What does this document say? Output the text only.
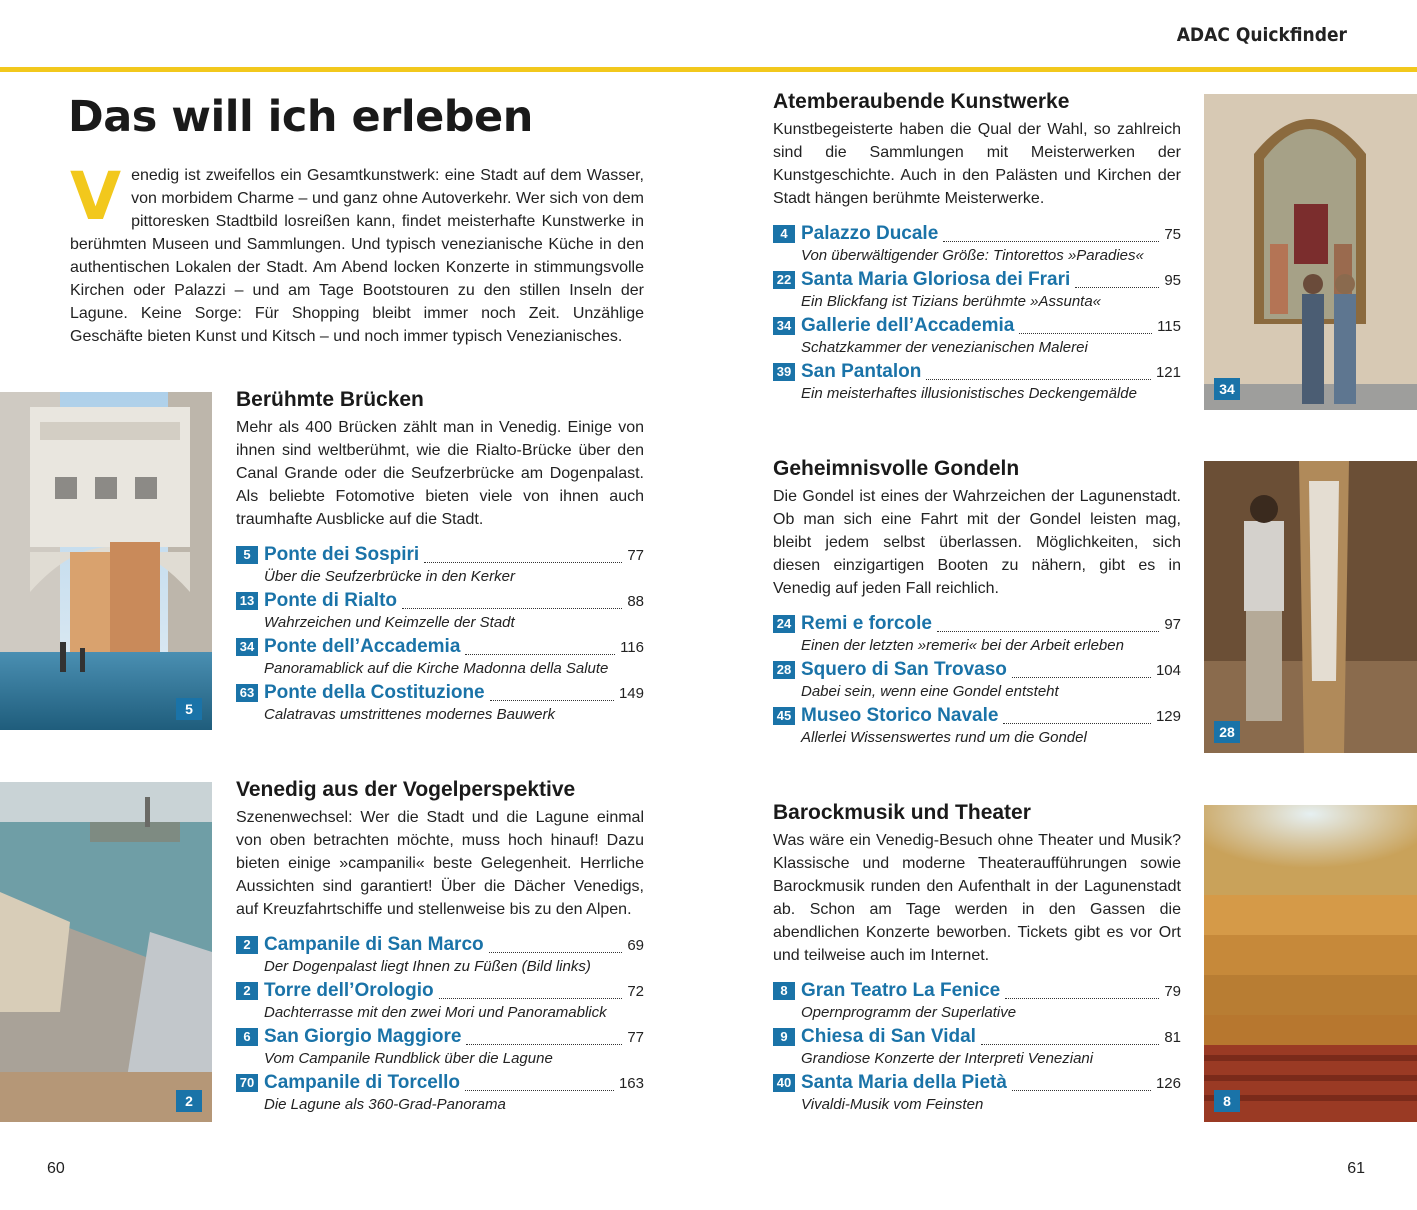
ADAC Quickfinder
Das will ich erleben

Venedig ist zweifellos ein Gesamtkunstwerk: eine Stadt auf dem Wasser, von morbidem Charme – und ganz ohne Autoverkehr. Wer sich von dem pittoresken Stadtbild losreißen kann, findet meisterhafte Kunstwerke in berühmten Museen und Sammlungen. Und typisch venezianische Küche in den authentischen Lokalen der Stadt. Am Abend locken Konzerte in stimmungsvolle Kirchen oder Palazzi – und am Tage Bootstouren zu den stillen Inseln der Lagune. Keine Sorge: Für Shopping bleibt immer noch Zeit. Unzählige Geschäfte bieten Kunst und Kitsch – und noch immer typisch Venezianisches.

5
2
34
28
8
Berühmte Brücken

Mehr als 400 Brücken zählt man in Venedig. Einige von ihnen sind weltberühmt, wie die Rialto-Brücke über den Canal Grande oder die Seufzerbrücke am Dogenpalast. Als beliebte Fotomotive bieten viele von ihnen auch traumhafte Ausblicke auf die Stadt.

5 Ponte dei Sospiri	77
Über die Seufzerbrücke in den Kerker
13 Ponte di Rialto	88
Wahrzeichen und Keimzelle der Stadt
34 Ponte dell’Accademia	116
Panoramablick auf die Kirche Madonna della Salute
63 Ponte della Costituzione	149
Calatravas umstrittenes modernes Bauwerk
Venedig aus der Vogelperspektive

Szenenwechsel: Wer die Stadt und die Lagune einmal von oben betrachten möchte, muss hoch hinauf! Dazu bieten einige »campanili« beste Gelegenheit. Herrliche Aussichten sind garantiert! Über die Dächer Venedigs, auf Kreuzfahrtschiffe und stellenweise bis zu den Alpen.

2 Campanile di San Marco	69
Der Dogenpalast liegt Ihnen zu Füßen (Bild links)
2 Torre dell’Orologio	72
Dachterrasse mit den zwei Mori und Panoramablick
6 San Giorgio Maggiore	77
Vom Campanile Rundblick über die Lagune
70 Campanile di Torcello	163
Die Lagune als 360-Grad-Panorama
Atemberaubende Kunstwerke

Kunstbegeisterte haben die Qual der Wahl, so zahlreich sind die Sammlungen mit Meisterwerken der Kunstgeschichte. Auch in den Palästen und Kirchen der Stadt hängen berühmte Meisterwerke.

4 Palazzo Ducale	75
Von überwältigender Größe: Tintorettos »Paradies«
22 Santa Maria Gloriosa dei Frari	95
Ein Blickfang ist Tizians berühmte »Assunta«
34 Gallerie dell’Accademia	115
Schatzkammer der venezianischen Malerei
39 San Pantalon	121
Ein meisterhaftes illusionistisches Deckengemälde
Geheimnisvolle Gondeln

Die Gondel ist eines der Wahrzeichen der Lagunenstadt. Ob man sich eine Fahrt mit der Gondel leisten mag, bleibt jedem selbst überlassen. Möglichkeiten, sich diesen einzigartigen Booten zu nähern, gibt es in Venedig auf jeden Fall reichlich.

24 Remi e forcole	97
Einen der letzten »remeri« bei der Arbeit erleben
28 Squero di San Trovaso	104
Dabei sein, wenn eine Gondel entsteht
45 Museo Storico Navale	129
Allerlei Wissenswertes rund um die Gondel
Barockmusik und Theater

Was wäre ein Venedig-Besuch ohne Theater und Musik? Klassische und moderne Theateraufführungen sowie Barockmusik runden den Aufenthalt in der Lagunenstadt ab. Schon am Tage werden in den Gassen die abendlichen Konzerte beworben. Tickets gibt es vor Ort und teilweise auch im Internet.

8 Gran Teatro La Fenice	79
Opernprogramm der Superlative
9 Chiesa di San Vidal	81
Grandiose Konzerte der Interpreti Veneziani
40 Santa Maria della Pietà	126
Vivaldi-Musik vom Feinsten
60	61
